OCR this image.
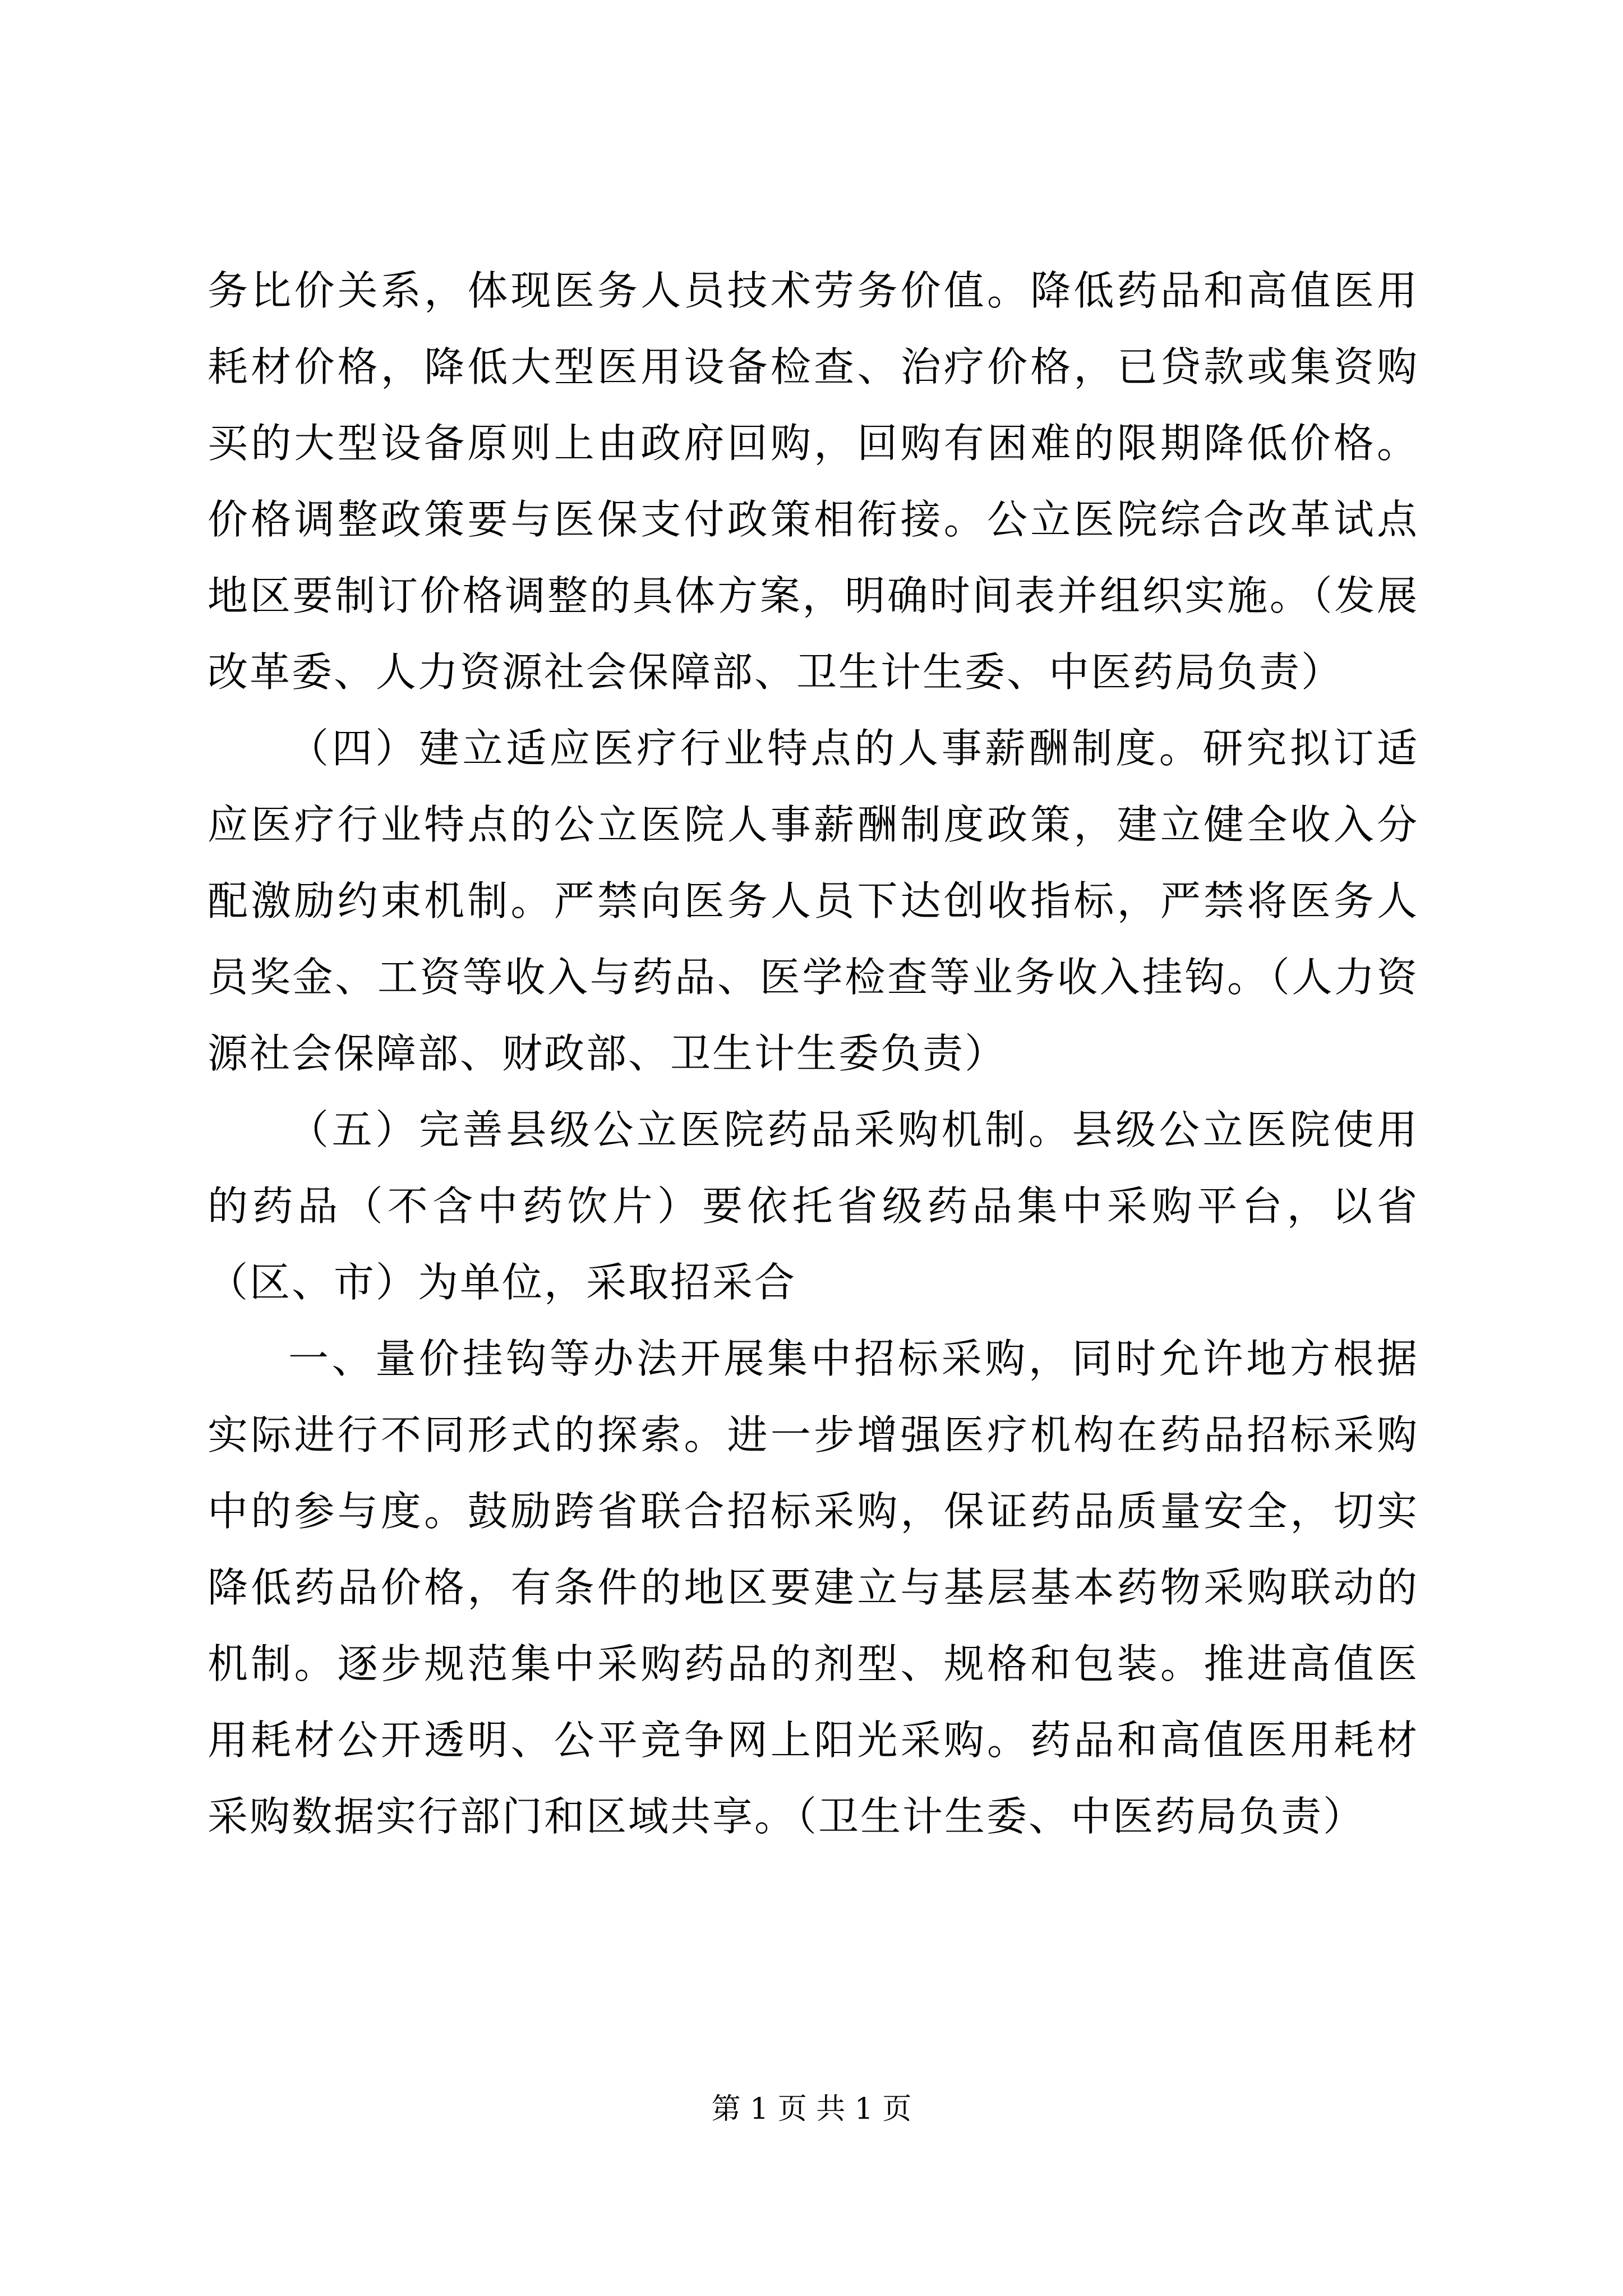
务比价关系，体现医务人员技术劳务价值。降低药品和高值医用耗材价格，降低大型医用设备检查、治疗价格，已贷款或集资购买的大型设备原则上由政府回购，回购有困难的限期降低价格。价格调整政策要与医保支付政策相衔接。公立医院综合改革试点地区要制订价格调整的具体方案，明确时间表并组织实施。（发展改革委、人力资源社会保障部、卫生计生委、中医药局负责）

（四）建立适应医疗行业特点的人事薪酬制度。研究拟订适应医疗行业特点的公立医院人事薪酬制度政策，建立健全收入分配激励约束机制。严禁向医务人员下达创收指标，严禁将医务人员奖金、工资等收入与药品、医学检查等业务收入挂钩。（人力资源社会保障部、财政部、卫生计生委负责）

（五）完善县级公立医院药品采购机制。县级公立医院使用的药品（不含中药饮片）要依托省级药品集中采购平台，以省（区、市）为单位，采取招采合

一、量价挂钩等办法开展集中招标采购，同时允许地方根据实际进行不同形式的探索。进一步增强医疗机构在药品招标采购中的参与度。鼓励跨省联合招标采购，保证药品质量安全，切实降低药品价格，有条件的地区要建立与基层基本药物采购联动的机制。逐步规范集中采购药品的剂型、规格和包装。推进高值医用耗材公开透明、公平竞争网上阳光采购。药品和高值医用耗材采购数据实行部门和区域共享。（卫生计生委、中医药局负责）

第 1 页 共 1 页
